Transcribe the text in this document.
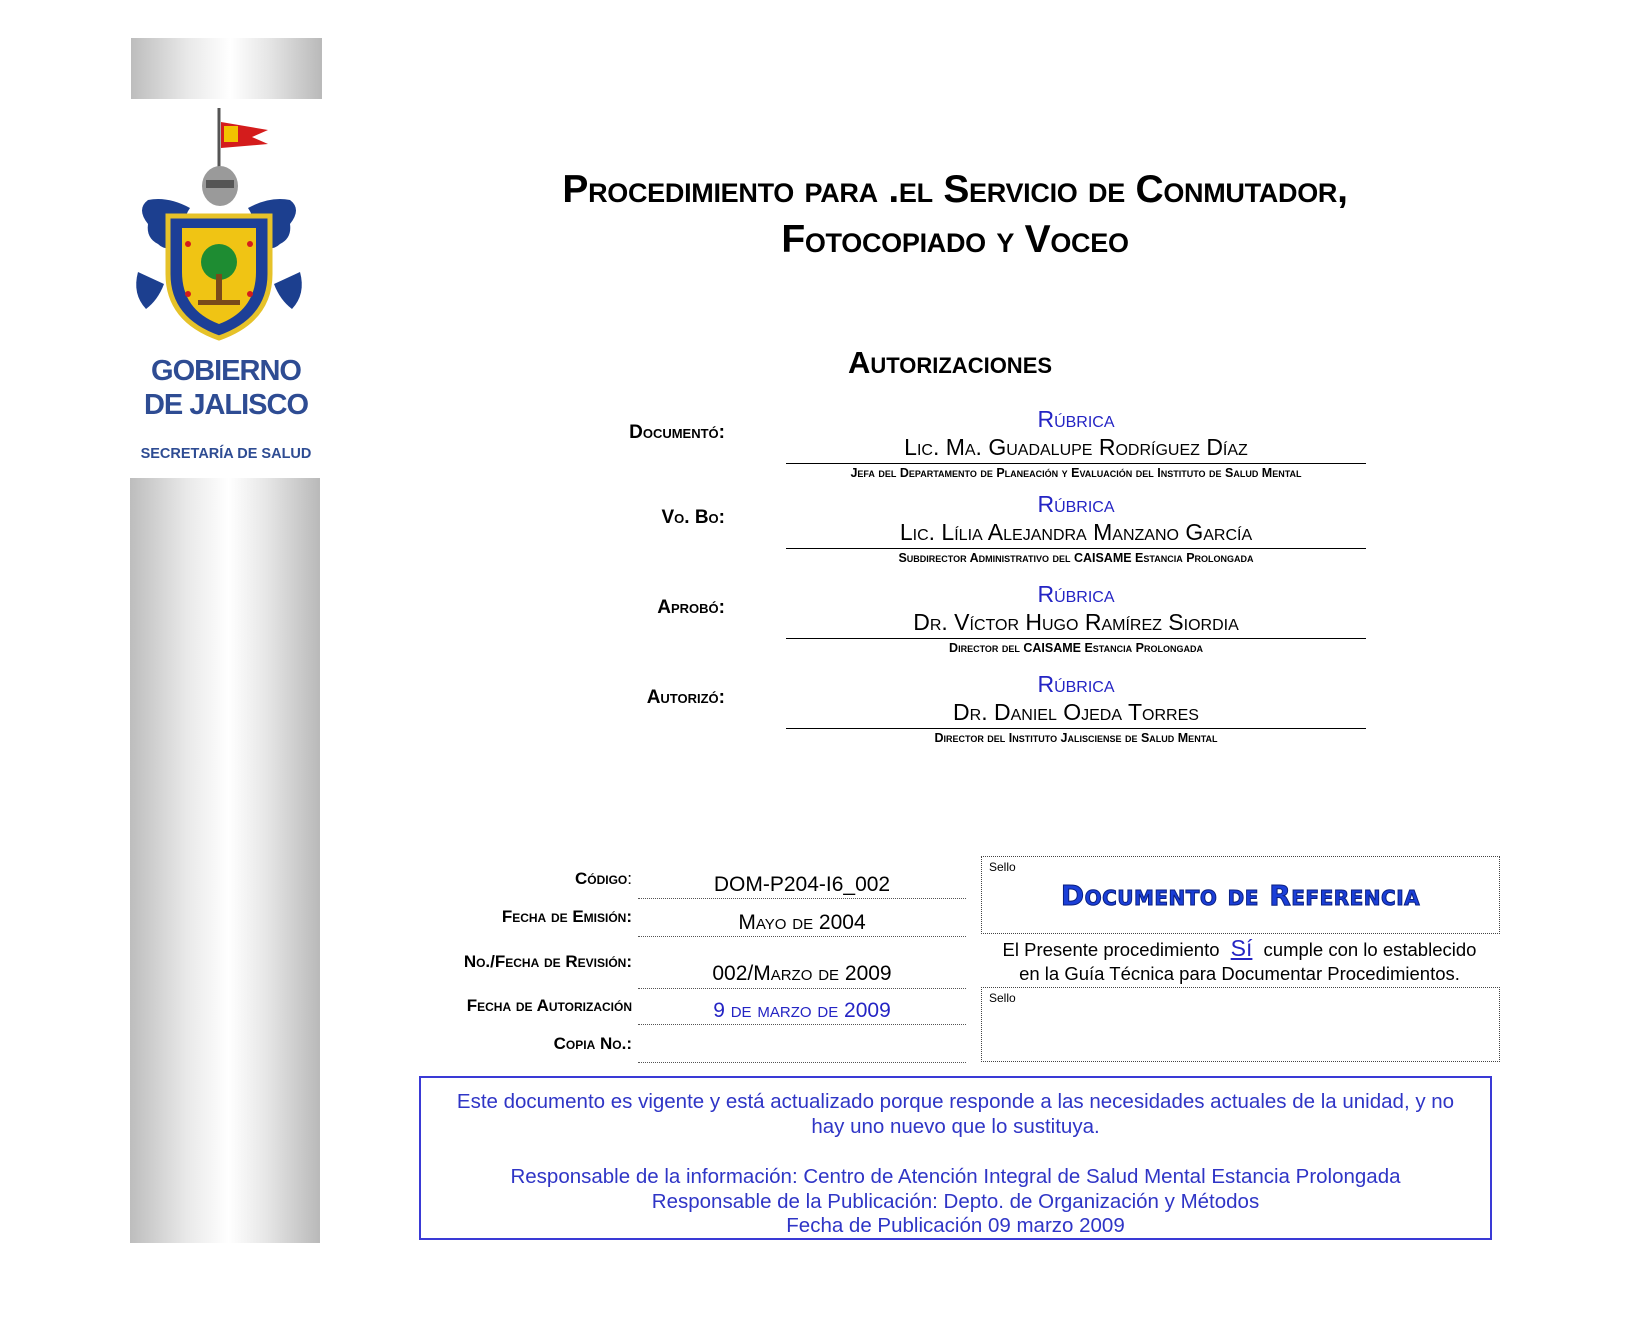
GOBIERNO
DE JALISCO
SECRETARÍA DE SALUD
Procedimiento para .el Servicio de Conmutador,
Fotocopiado y Voceo
Autorizaciones
Documentó:
Rúbrica
Lic. Ma. Guadalupe Rodríguez Díaz
Jefa del Departamento de Planeación y Evaluación del Instituto de Salud Mental
Vo. Bo:
Rúbrica
Lic. Lília Alejandra Manzano García
Subdirector Administrativo del CAISAME Estancia Prolongada
Aprobó:
Rúbrica
Dr. Víctor Hugo Ramírez Siordia
Director del CAISAME Estancia Prolongada
Autorizó:
Rúbrica
Dr. Daniel Ojeda Torres
Director del Instituto Jalisciense de Salud Mental
Código:	DOM-P204-I6_002
Fecha de Emisión:	Mayo de 2004
No./Fecha de Revisión:
002/Marzo de 2009
Fecha de Autorización	9 de marzo de 2009
Copia No.:
Sello
Documento de Referencia
El Presente procedimiento Sí cumple con lo establecido
en la Guía Técnica para Documentar Procedimientos.
Sello

Este documento es vigente y está actualizado porque responde a las necesidades actuales de la unidad, y no

hay uno nuevo que lo sustituya.

Responsable de la información: Centro de Atención Integral de Salud Mental Estancia Prolongada

Responsable de la Publicación: Depto. de Organización y Métodos

Fecha de Publicación 09 marzo 2009
